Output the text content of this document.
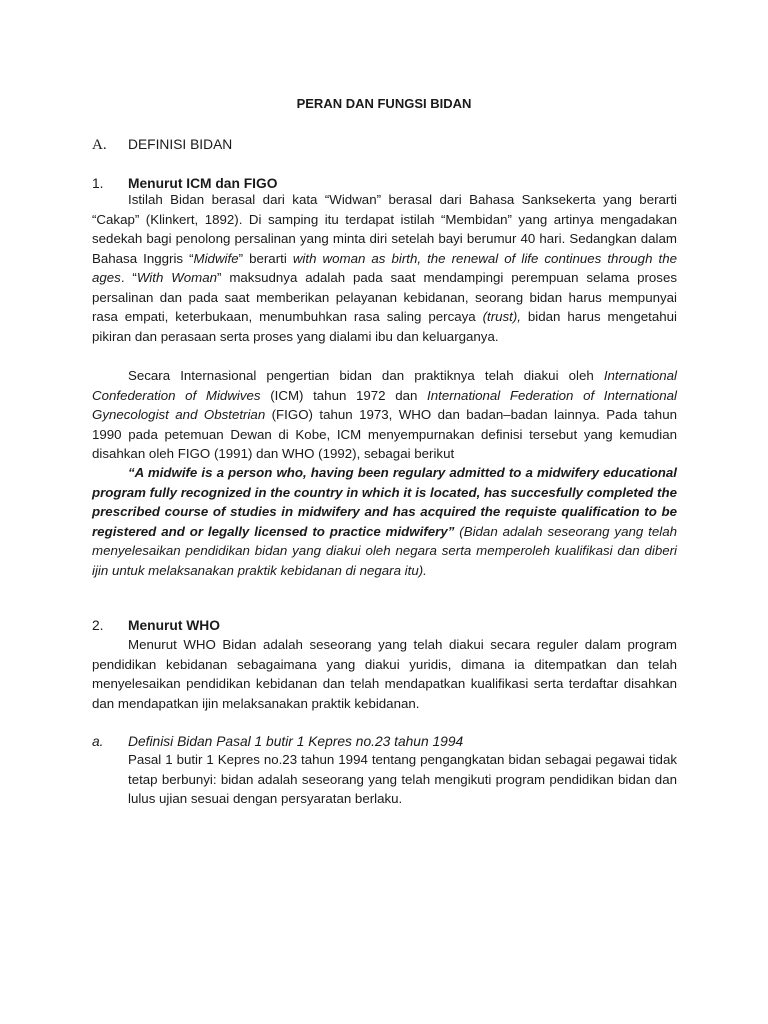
PERAN DAN FUNGSI BIDAN
A. DEFINISI BIDAN
1. Menurut ICM dan FIGO

Istilah Bidan berasal dari kata “Widwan” berasal dari Bahasa Sanksekerta yang berarti “Cakap” (Klinkert, 1892). Di samping itu terdapat istilah “Membidan” yang artinya mengadakan sedekah bagi penolong persalinan yang minta diri setelah bayi berumur 40 hari. Sedangkan dalam Bahasa Inggris “Midwife” berarti with woman as birth, the renewal of life continues through the ages. “With Woman” maksudnya adalah pada saat mendampingi perempuan selama proses persalinan dan pada saat memberikan pelayanan kebidanan, seorang bidan harus mempunyai rasa empati, keterbukaan, menumbuhkan rasa saling percaya (trust), bidan harus mengetahui pikiran dan perasaan serta proses yang dialami ibu dan keluarganya.

Secara Internasional pengertian bidan dan praktiknya telah diakui oleh International Confederation of Midwives (ICM) tahun 1972 dan International Federation of International Gynecologist and Obstetrian (FIGO) tahun 1973, WHO dan badan–badan lainnya. Pada tahun 1990 pada petemuan Dewan di Kobe, ICM menyempurnakan definisi tersebut yang kemudian disahkan oleh FIGO (1991) dan WHO (1992), sebagai berikut

“A midwife is a person who, having been regulary admitted to a midwifery educational program fully recognized in the country in which it is located, has succesfully completed the prescribed course of studies in midwifery and has acquired the requiste qualification to be registered and or legally licensed to practice midwifery” (Bidan adalah seseorang yang telah menyelesaikan pendidikan bidan yang diakui oleh negara serta memperoleh kualifikasi dan diberi ijin untuk melaksanakan praktik kebidanan di negara itu).

2. Menurut WHO

Menurut WHO Bidan adalah seseorang yang telah diakui secara reguler dalam program pendidikan kebidanan sebagaimana yang diakui yuridis, dimana ia ditempatkan dan telah menyelesaikan pendidikan kebidanan dan telah mendapatkan kualifikasi serta terdaftar disahkan dan mendapatkan ijin melaksanakan praktik kebidanan.

a. Definisi Bidan Pasal 1 butir 1 Kepres no.23 tahun 1994

Pasal 1 butir 1 Kepres no.23 tahun 1994 tentang pengangkatan bidan sebagai pegawai tidak tetap berbunyi: bidan adalah seseorang yang telah mengikuti program pendidikan bidan dan lulus ujian sesuai dengan persyaratan berlaku.
